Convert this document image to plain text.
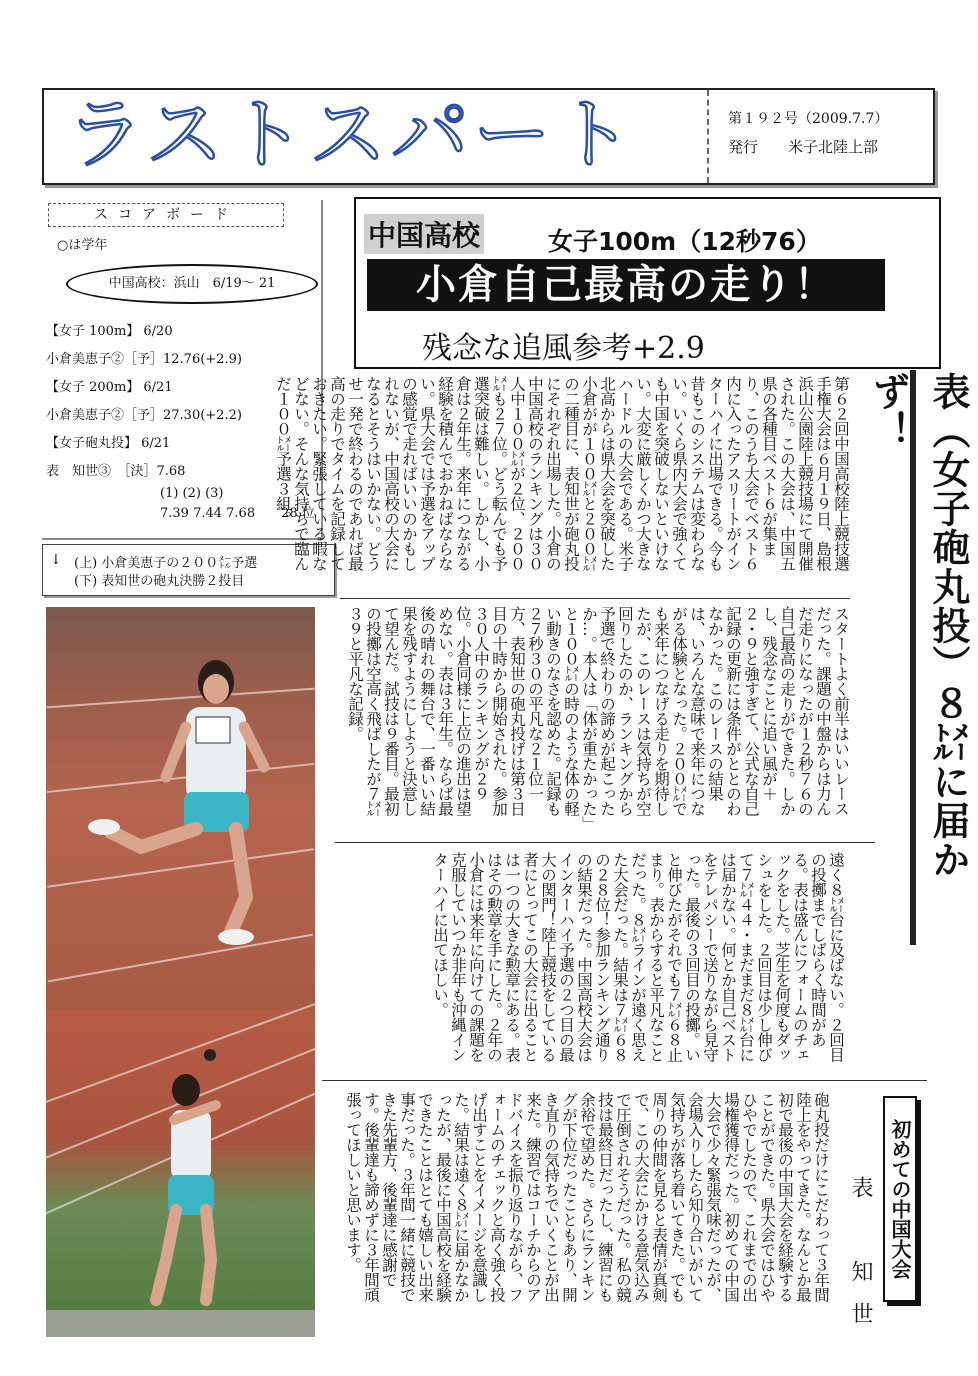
ラストスパート	第１９２号（2009.7.7）
発行　　米子北陸上部
スコアボード
○は学年
中国高校：浜山　6/19～ 21
【女子 100m】 6/20
小倉美恵子②［予］12.76(+2.9)
【女子 200m】 6/21
小倉美恵子②［予］27.30(+2.2)
【女子砲丸投】 6/21
表　知世③　［決］7.68
(1) (2) (3)
7.39 7.44 7.68　　28 位
↓ (上) 小倉美恵子の２００㍍予選
(下) 表知世の砲丸決勝２投目
中国高校	女子100m（12秒76）
小倉自己最高の走り！
残念な追風参考+2.9
表（女子砲丸投）８㍍に届かず！
第６２回中国高校陸上競技選手権大会は６月１９日、島根浜山公園陸上競技場にて開催された。この大会は、中国五県の各種目ベスト６が集まり、このうち大会でベスト６内に入ったアスリートがインターハイに出場できる。今も昔もこのシステムは変わらない。いくら県内大会で強くても中国を突破しないといけない。大変に厳しくかつ大きなハードルの大会である。米子北高からは県大会を突破した小倉がが１００㍍と２００㍍の二種目に、表知世が砲丸投にそれぞれ出場した。小倉の中国高校のランキングは３０人中１００㍍が２位、２００㍍も２７位。どう転んでも予選突破は難しい。しかし、小倉は２年生。来年につながる経験を積んでおかねばならない。県大会では予選をアップの感覚で走ればいいのかもしれないが、中国高校の大会になるとそうはいかない。どうせ一発で終わるのであれば最高の走りでタイムを記録しておきたい。緊張している暇などない。そんな気持ちで臨んだ１００㍍予選３組。
スタートよく前半はいいレースだった。課題の中盤からは力んだ走りになったが１２秒７６の自己最高の走りができた。しかし、残念なことに追い風が＋２・９と強すぎて、公式な自己記録の更新には条件がととのわなかった。このレースの結果は、いろんな意味で来年につながる体験となった。２００㍍でも来年につなげる走りを期待したが、このレースは気持ちが空回りしたのか、ランキングから予選で終わりの諦めが起こったか…。本人は「体が重たかった」と１００㍍の時のような体の軽い動きのなさを認めた。記録も２７秒３０の平凡な２１位一方、表知世の砲丸投げは第３日目の十時から開始された。参加３０人中のランキングが２９位。小倉同様に上位の進出は望めない。表は３年生。ならば最後の晴れの舞台で、一番いい結果を残すようにしようと決意して望んだ。試技は９番目。最初の投擲は空高く飛ばしたが７㍍３９と平凡な記録。
遠く８㍍台に及ばない。２回目の投擲までしばらく時間がある。表は盛んにフォームのチェックをした。芝生を何度もダッシュをした。２回目は少し伸びて７㍍４４・まだまだ８㍍台には届かない。何とか自己ベストをテレパシーで送りながら見守った。最後の３回目の投擲。いと伸びたがそれでも７㍍６８止まり。表からすると平凡なことだった。８㍍ラインが遠く思えた大会だった。結果は７㍍６８の２８位！参加ランキング通りの結果だった。中国高校大会はインターハイ予選の２つ目の最大の関門！陸上競技をしている者にとってこの大会に出ることは一つの大きな勲章にある。表はその勲章を手にした。２年の小倉には来年に向けての課題を克服していつか非年も沖縄インターハイに出てほしい。
初めての中国大会
表　知世
砲丸投だけにこだわって３年間陸上をやってきた。なんとか最初で最後の中国大会を経験することができた。県大会ではひやひやでしたので、これまでの出場権獲得だった。初めての中国大会で少々緊張気味だったが、会場入りしたら知り合いがいて気持ちが落ち着いてきた。でも周りの仲間を見ると表情が真剣で、この大会にかける意気込みで圧倒されそうだった。私の競技は最終日だったし、練習にも余裕で望めた。さらにランキングが下位だったこともあり、開き直りの気持ちでいくことが出来た。練習ではコーチからのアドバイスを振り返りながら、フォームのチェックと高く強く投げ出すことをイメージを意識した。結果は遠く８㍍に届かなかったが、最後に中国高校を経験できたことはとても嬉しい出来事だった。３年間一緒に競技できた先輩方、後輩達に感謝です。後輩達も諦めずに３年間頑張ってほしいと思います。
